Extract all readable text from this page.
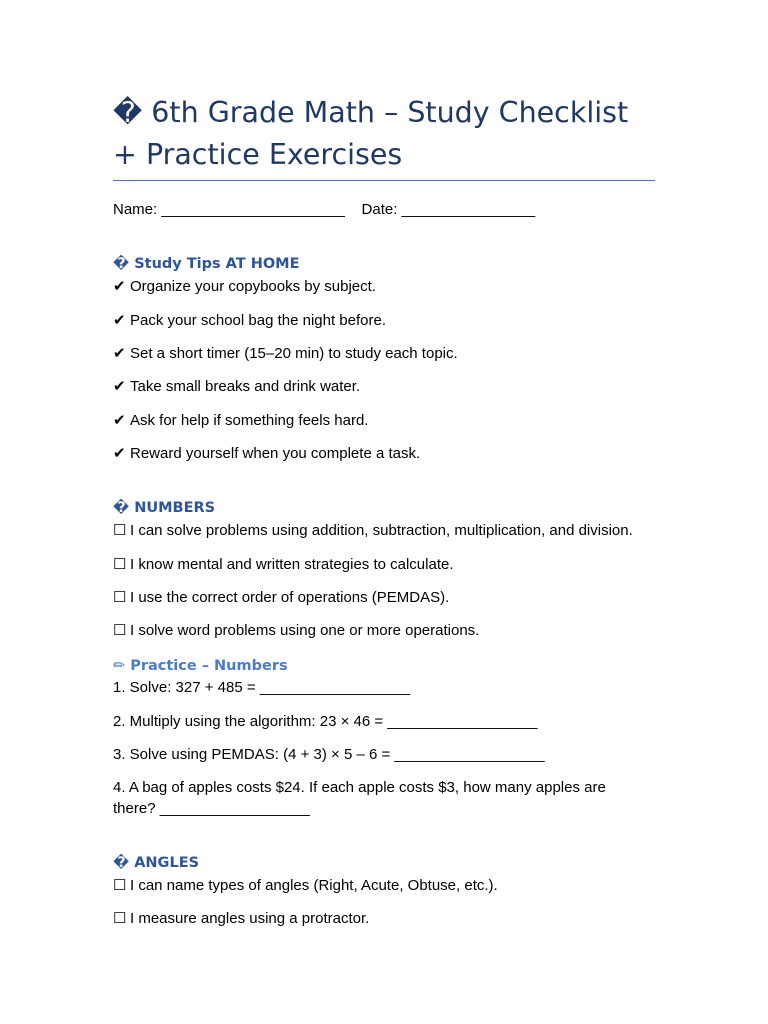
� 6th Grade Math – Study Checklist + Practice Exercises
Name: ______________________    Date: ________________
� Study Tips AT HOME
✔ Organize your copybooks by subject.
✔ Pack your school bag the night before.
✔ Set a short timer (15–20 min) to study each topic.
✔ Take small breaks and drink water.
✔ Ask for help if something feels hard.
✔ Reward yourself when you complete a task.
� NUMBERS
☐ I can solve problems using addition, subtraction, multiplication, and division.
☐ I know mental and written strategies to calculate.
☐ I use the correct order of operations (PEMDAS).
☐ I solve word problems using one or more operations.
✏ Practice – Numbers
1. Solve: 327 + 485 = __________________
2. Multiply using the algorithm: 23 × 46 = __________________
3. Solve using PEMDAS: (4 + 3) × 5 – 6 = __________________
4. A bag of apples costs $24. If each apple costs $3, how many apples are there? __________________
� ANGLES
☐ I can name types of angles (Right, Acute, Obtuse, etc.).
☐ I measure angles using a protractor.
